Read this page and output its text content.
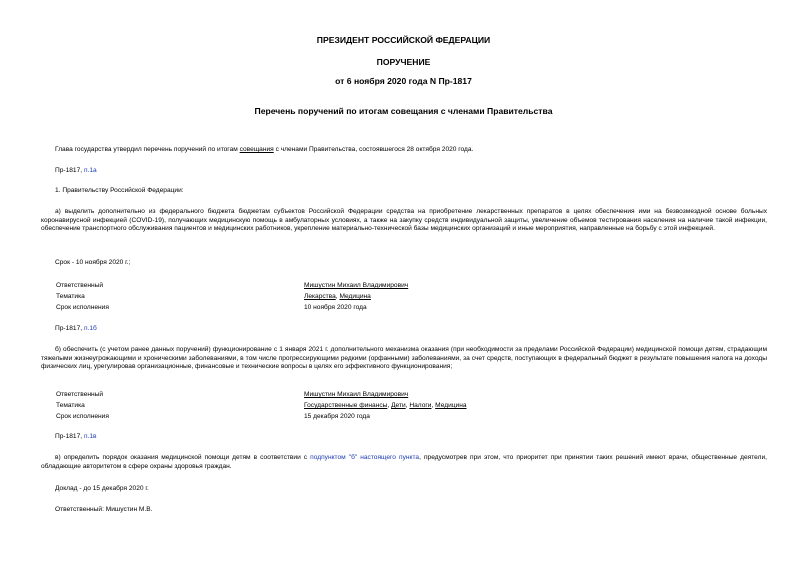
ПРЕЗИДЕНТ РОССИЙСКОЙ ФЕДЕРАЦИИ
ПОРУЧЕНИЕ
от 6 ноября 2020 года N Пр-1817
Перечень поручений по итогам совещания с членами Правительства
Глава государства утвердил перечень поручений по итогам совещания с членами Правительства, состоявшегося 28 октября 2020 года.
Пр-1817, п.1а
1. Правительству Российской Федерации:
а) выделить дополнительно из федерального бюджета бюджетам субъектов Российской Федерации средства на приобретение лекарственных препаратов в целях обеспечения ими на безвозмездной основе больных коронавирусной инфекцией (COVID-19), получающих медицинскую помощь в амбулаторных условиях, а также на закупку средств индивидуальной защиты, увеличение объемов тестирования населения на наличие такой инфекции, обеспечение транспортного обслуживания пациентов и медицинских работников, укрепление материально-технической базы медицинских организаций и иные мероприятия, направленные на борьбу с этой инфекцией.
Срок - 10 ноября 2020 г.;
Ответственный	Мишустин Михаил Владимирович
Тематика	Лекарства, Медицина
Срок исполнения	10 ноября 2020 года
Пр-1817, п.1б
б) обеспечить (с учетом ранее данных поручений) функционирование с 1 января 2021 г. дополнительного механизма оказания (при необходимости за пределами Российской Федерации) медицинской помощи детям, страдающим тяжелыми жизнеугрожающими и хроническими заболеваниями, в том числе прогрессирующими редкими (орфанными) заболеваниями, за счет средств, поступающих в федеральный бюджет в результате повышения налога на доходы физических лиц, урегулировав организационные, финансовые и технические вопросы в целях его эффективного функционирования;
Ответственный	Мишустин Михаил Владимирович
Тематика	Государственные финансы, Дети, Налоги, Медицина
Срок исполнения	15 декабря 2020 года
Пр-1817, п.1в
в) определить порядок оказания медицинской помощи детям в соответствии с подпунктом "б" настоящего пункта, предусмотрев при этом, что приоритет при принятии таких решений имеют врачи, общественные деятели, обладающие авторитетом в сфере охраны здоровья граждан.
Доклад - до 15 декабря 2020 г.
Ответственный: Мишустин М.В.
